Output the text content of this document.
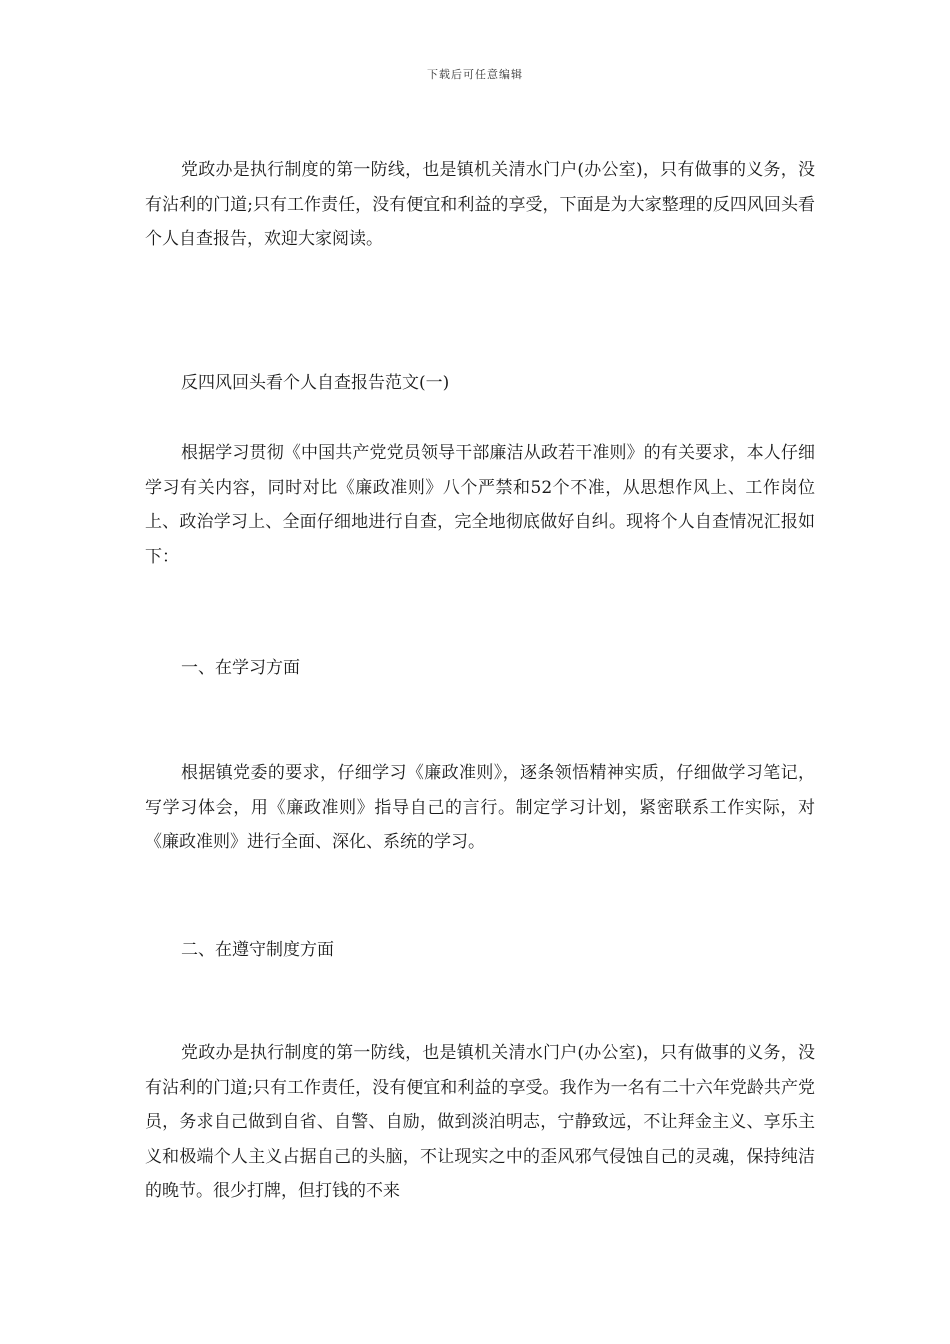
下载后可任意编辑
党政办是执行制度的第一防线，也是镇机关清水门户(办公室)，只有做事的义务，没有沾利的门道;只有工作责任，没有便宜和利益的享受，下面是为大家整理的反四风回头看个人自查报告，欢迎大家阅读。
反四风回头看个人自查报告范文(一)
根据学习贯彻《中国共产党党员领导干部廉洁从政若干准则》的有关要求，本人仔细学习有关内容，同时对比《廉政准则》八个严禁和52个不准，从思想作风上、工作岗位上、政治学习上、全面仔细地进行自查，完全地彻底做好自纠。现将个人自查情况汇报如下：
一、在学习方面
根据镇党委的要求，仔细学习《廉政准则》，逐条领悟精神实质，仔细做学习笔记，写学习体会，用《廉政准则》指导自己的言行。制定学习计划，紧密联系工作实际，对《廉政准则》进行全面、深化、系统的学习。
二、在遵守制度方面
党政办是执行制度的第一防线，也是镇机关清水门户(办公室)，只有做事的义务，没有沾利的门道;只有工作责任，没有便宜和利益的享受。我作为一名有二十六年党龄共产党员，务求自己做到自省、自警、自励，做到淡泊明志，宁静致远，不让拜金主义、享乐主义和极端个人主义占据自己的头脑，不让现实之中的歪风邪气侵蚀自己的灵魂，保持纯洁的晚节。很少打牌，但打钱的不来
